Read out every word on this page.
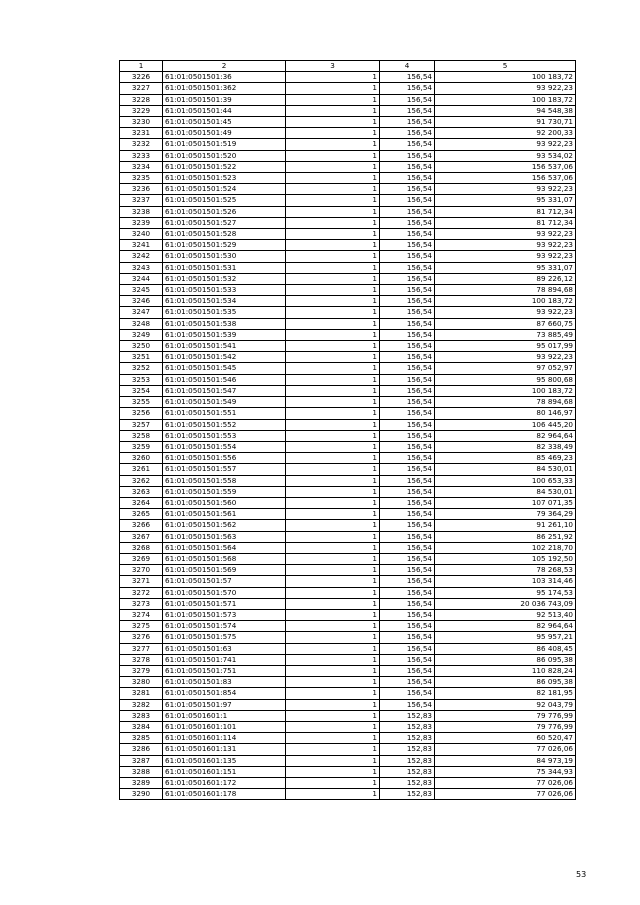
1	2	3	4	5
3226	61:01:0501501:36	1	156,54	100 183,72
3227	61:01:0501501:362	1	156,54	93 922,23
3228	61:01:0501501:39	1	156,54	100 183,72
3229	61:01:0501501:44	1	156,54	94 548,38
3230	61:01:0501501:45	1	156,54	91 730,71
3231	61:01:0501501:49	1	156,54	92 200,33
3232	61:01:0501501:519	1	156,54	93 922,23
3233	61:01:0501501:520	1	156,54	93 534,02
3234	61:01:0501501:522	1	156,54	156 537,06
3235	61:01:0501501:523	1	156,54	156 537,06
3236	61:01:0501501:524	1	156,54	93 922,23
3237	61:01:0501501:525	1	156,54	95 331,07
3238	61:01:0501501:526	1	156,54	81 712,34
3239	61:01:0501501:527	1	156,54	81 712,34
3240	61:01:0501501:528	1	156,54	93 922,23
3241	61:01:0501501:529	1	156,54	93 922,23
3242	61:01:0501501:530	1	156,54	93 922,23
3243	61:01:0501501:531	1	156,54	95 331,07
3244	61:01:0501501:532	1	156,54	89 226,12
3245	61:01:0501501:533	1	156,54	78 894,68
3246	61:01:0501501:534	1	156,54	100 183,72
3247	61:01:0501501:535	1	156,54	93 922,23
3248	61:01:0501501:538	1	156,54	87 660,75
3249	61:01:0501501:539	1	156,54	73 885,49
3250	61:01:0501501:541	1	156,54	95 017,99
3251	61:01:0501501:542	1	156,54	93 922,23
3252	61:01:0501501:545	1	156,54	97 052,97
3253	61:01:0501501:546	1	156,54	95 800,68
3254	61:01:0501501:547	1	156,54	100 183,72
3255	61:01:0501501:549	1	156,54	78 894,68
3256	61:01:0501501:551	1	156,54	80 146,97
3257	61:01:0501501:552	1	156,54	106 445,20
3258	61:01:0501501:553	1	156,54	82 964,64
3259	61:01:0501501:554	1	156,54	82 338,49
3260	61:01:0501501:556	1	156,54	85 469,23
3261	61:01:0501501:557	1	156,54	84 530,01
3262	61:01:0501501:558	1	156,54	100 653,33
3263	61:01:0501501:559	1	156,54	84 530,01
3264	61:01:0501501:560	1	156,54	107 071,35
3265	61:01:0501501:561	1	156,54	79 364,29
3266	61:01:0501501:562	1	156,54	91 261,10
3267	61:01:0501501:563	1	156,54	86 251,92
3268	61:01:0501501:564	1	156,54	102 218,70
3269	61:01:0501501:568	1	156,54	105 192,50
3270	61:01:0501501:569	1	156,54	78 268,53
3271	61:01:0501501:57	1	156,54	103 314,46
3272	61:01:0501501:570	1	156,54	95 174,53
3273	61:01:0501501:571	1	156,54	20 036 743,09
3274	61:01:0501501:573	1	156,54	92 513,40
3275	61:01:0501501:574	1	156,54	82 964,64
3276	61:01:0501501:575	1	156,54	95 957,21
3277	61:01:0501501:63	1	156,54	86 408,45
3278	61:01:0501501:741	1	156,54	86 095,38
3279	61:01:0501501:751	1	156,54	110 828,24
3280	61:01:0501501:83	1	156,54	86 095,38
3281	61:01:0501501:854	1	156,54	82 181,95
3282	61:01:0501501:97	1	156,54	92 043,79
3283	61:01:0501601:1	1	152,83	79 776,99
3284	61:01:0501601:101	1	152,83	79 776,99
3285	61:01:0501601:114	1	152,83	60 520,47
3286	61:01:0501601:131	1	152,83	77 026,06
3287	61:01:0501601:135	1	152,83	84 973,19
3288	61:01:0501601:151	1	152,83	75 344,93
3289	61:01:0501601:172	1	152,83	77 026,06
3290	61:01:0501601:178	1	152,83	77 026,06
53
